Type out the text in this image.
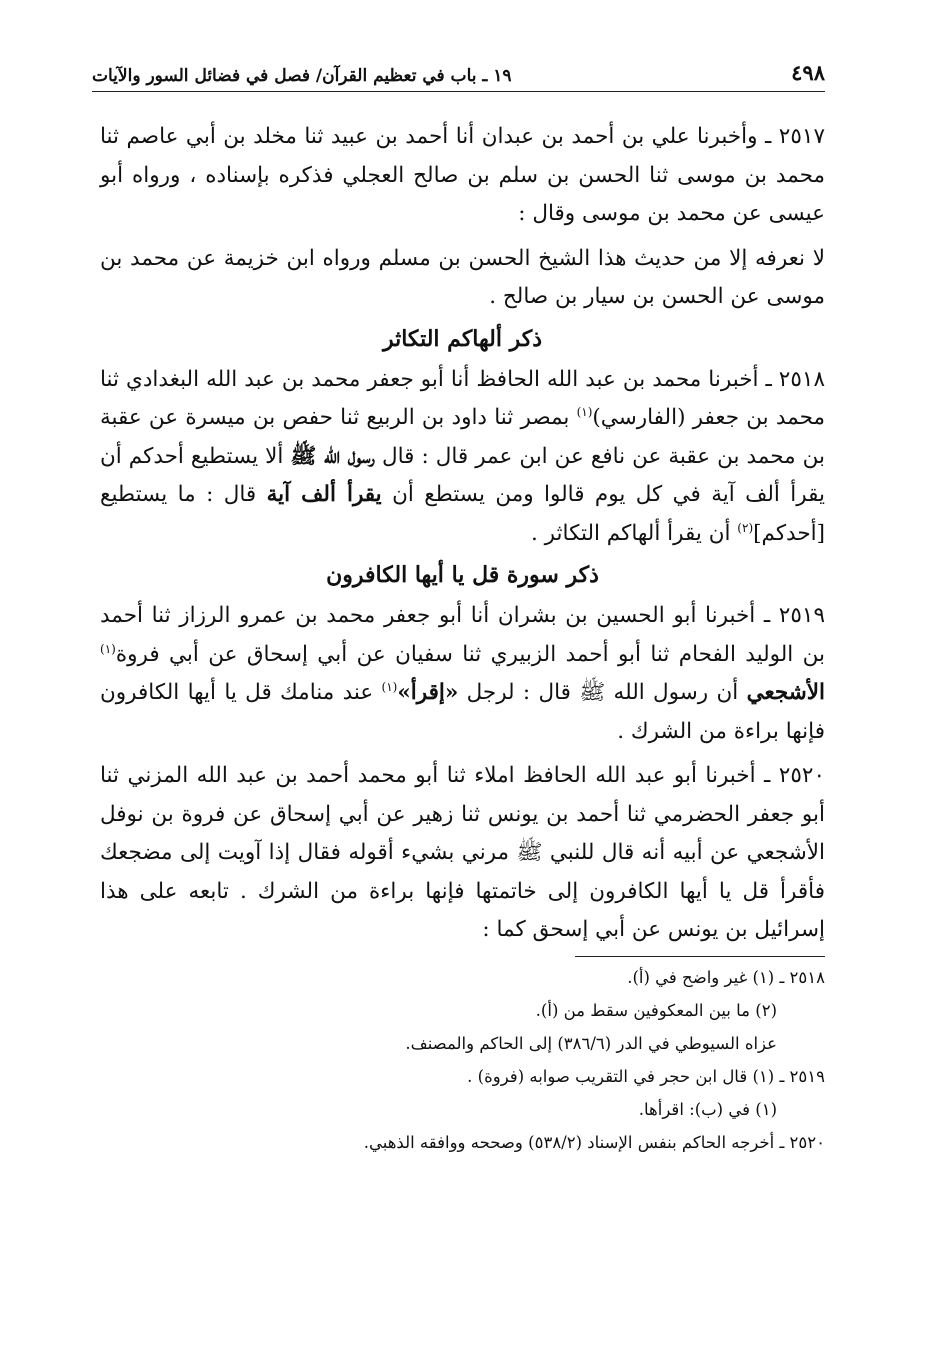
٤٩٨
١٩ ـ باب في تعظيم القرآن/ فصل في فضائل السور والآيات

٢٥١٧ ـ وأخبرنا علي بن أحمد بن عبدان أنا أحمد بن عبيد ثنا مخلد بن أبي عاصم ثنا محمد بن موسى ثنا الحسن بن سلم بن صالح العجلي فذكره بإسناده ، ورواه أبو عيسى عن محمد بن موسى وقال :

لا نعرفه إلا من حديث هذا الشيخ الحسن بن مسلم ورواه ابن خزيمة عن محمد بن موسى عن الحسن بن سيار بن صالح .

ذكر ألهاكم التكاثر

٢٥١٨ ـ أخبرنا محمد بن عبد الله الحافظ أنا أبو جعفر محمد بن عبد الله البغدادي ثنا محمد بن جعفر (الفارسي)$^{(١)}$ بمصر ثنا داود بن الربيع ثنا حفص بن ميسرة عن عقبة بن محمد بن عقبة عن نافع عن ابن عمر قال : قال رسول الله ﷺ ألا يستطيع أحدكم أن يقرأ ألف آية في كل يوم قالوا ومن يستطع أن يقرأ ألف آية قال : ما يستطيع [أحدكم]$^{(٢)}$ أن يقرأ ألهاكم التكاثر .

ذكر سورة قل يا أيها الكافرون

٢٥١٩ ـ أخبرنا أبو الحسين بن بشران أنا أبو جعفر محمد بن عمرو الرزاز ثنا أحمد بن الوليد الفحام ثنا أبو أحمد الزبيري ثنا سفيان عن أبي إسحاق عن أبي فروة$^{(١)}$ الأشجعي أن رسول الله ﷺ قال : لرجل «إقرأ»$^{(١)}$ عند منامك قل يا أيها الكافرون فإنها براءة من الشرك .

٢٥٢٠ ـ أخبرنا أبو عبد الله الحافظ املاء ثنا أبو محمد أحمد بن عبد الله المزني ثنا أبو جعفر الحضرمي ثنا أحمد بن يونس ثنا زهير عن أبي إسحاق عن فروة بن نوفل الأشجعي عن أبيه أنه قال للنبي ﷺ مرني بشيء أقوله فقال إذا آويت إلى مضجعك فأقرأ قل يا أيها الكافرون إلى خاتمتها فإنها براءة من الشرك . تابعه على هذا إسرائيل بن يونس عن أبي إسحق كما :

٢٥١٨ ـ (١) غير واضح في (أ).

(٢) ما بين المعكوفين سقط من (أ).

عزاه السيوطي في الدر (٣٨٦/٦) إلى الحاكم والمصنف.

٢٥١٩ ـ (١) قال ابن حجر في التقريب صوابه (فروة) .

(١) في (ب): اقرأها.

٢٥٢٠ ـ أخرجه الحاكم بنفس الإسناد (٥٣٨/٢) وصححه ووافقه الذهبي.
